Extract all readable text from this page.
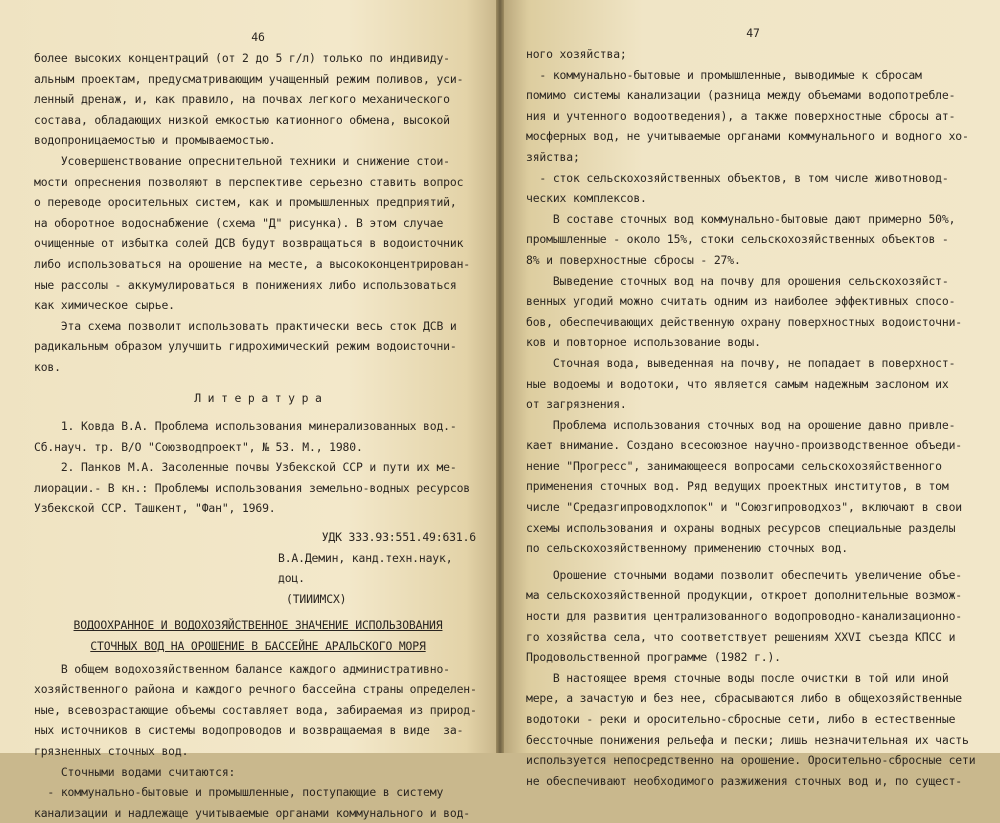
46

более высоких концентраций (от 2 до 5 г/л) только по индивиду-

альным проектам, предусматривающим учащенный режим поливов, уси-

ленный дренаж, и, как правило, на почвах легкого механического

состава, обладающих низкой емкостью катионного обмена, высокой

водопроницаемостью и промываемостью.

Усовершенствование опреснительной техники и снижение стои-

мости опреснения позволяют в перспективе серьезно ставить вопрос

о переводе оросительных систем, как и промышленных предприятий,

на оборотное водоснабжение (схема "Д" рисунка). В этом случае

очищенные от избытка солей ДСВ будут возвращаться в водоисточник

либо использоваться на орошение на месте, а высококонцентрирован-

ные рассолы - аккумулироваться в понижениях либо использоваться

как химическое сырье.

Эта схема позволит использовать практически весь сток ДСВ и

радикальным образом улучшить гидрохимический режим водоисточни-

ков.

Л и т е р а т у р а

1. Ковда В.А. Проблема использования минерализованных вод.-

Сб.науч. тр. В/О "Союзводпроект", № 53. М., 1980.

2. Панков М.А. Засоленные почвы Узбекской ССР и пути их ме-

лиорации.- В кн.: Проблемы использования земельно-водных ресурсов

Узбекской ССР. Ташкент, "Фан", 1969.

УДК 333.93:551.49:631.6

В.А.Демин, канд.техн.наук,

доц.

(ТИИИМСХ)

ВОДООХРАННОЕ И ВОДОХОЗЯЙСТВЕННОЕ ЗНАЧЕНИЕ ИСПОЛЬЗОВАНИЯ

СТОЧНЫХ ВОД НА ОРОШЕНИЕ В БАССЕЙНЕ АРАЛЬСКОГО МОРЯ

В общем водохозяйственном балансе каждого административно-

хозяйственного района и каждого речного бассейна страны определен-

ные, всевозрастающие объемы составляет вода, забираемая из природ-

ных источников в системы водопроводов и возвращаемая в виде  за-

грязненных сточных вод.

Сточными водами считаются:

- коммунально-бытовые и промышленные, поступающие в систему

канализации и надлежаще учитываемые органами коммунального и вод-

47

ного хозяйства;

- коммунально-бытовые и промышленные, выводимые к сбросам

помимо системы канализации (разница между объемами водопотребле-

ния и учтенного водоотведения), а также поверхностные сбросы ат-

мосферных вод, не учитываемые органами коммунального и водного хо-

зяйства;

- сток сельскохозяйственных объектов, в том числе животновод-

ческих комплексов.

В составе сточных вод коммунально-бытовые дают примерно 50%,

промышленные - около 15%, стоки сельскохозяйственных объектов -

8% и поверхностные сбросы - 27%.

Выведение сточных вод на почву для орошения сельскохозяйст-

венных угодий можно считать одним из наиболее эффективных спосо-

бов, обеспечивающих действенную охрану поверхностных водоисточни-

ков и повторное использование воды.

Сточная вода, выведенная на почву, не попадает в поверхност-

ные водоемы и водотоки, что является самым надежным заслоном их

от загрязнения.

Проблема использования сточных вод на орошение давно привле-

кает внимание. Создано всесоюзное научно-производственное объеди-

нение "Прогресс", занимающееся вопросами сельскохозяйственного

применения сточных вод. Ряд ведущих проектных институтов, в том

числе "Средазгипроводхлопок" и "Союзгипроводхоз", включают в свои

схемы использования и охраны водных ресурсов специальные разделы

по сельскохозяйственному применению сточных вод.

Орошение сточными водами позволит обеспечить увеличение объе-

ма сельскохозяйственной продукции, откроет дополнительные возмож-

ности для развития централизованного водопроводно-канализационно-

го хозяйства села, что соответствует решениям XXVI съезда КПСС и

Продовольственной программе (1982 г.).

В настоящее время сточные воды после очистки в той или иной

мере, а зачастую и без нее, сбрасываются либо в общехозяйственные

водотоки - реки и оросительно-сбросные сети, либо в естественные

бессточные понижения рельефа и пески; лишь незначительная их часть

используется непосредственно на орошение. Оросительно-сбросные сети

не обеспечивают необходимого разжижения сточных вод и, по сущест-
